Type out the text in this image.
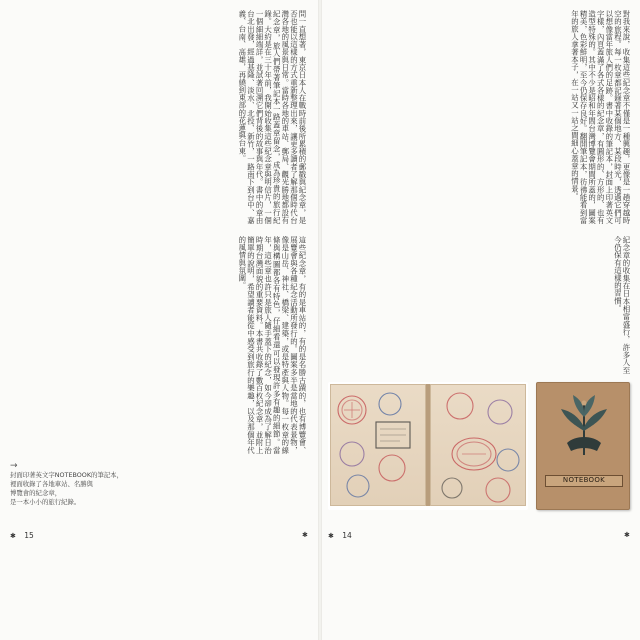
問一直想著，東京日本人在戰時前後所累積的郵戳與紀念章，是否也能以這樣的方式重新整理出來，讓更多讀者了解那個時代台灣各地的風景與日常。當時各地的車站、郵局、觀光勝地都設有紀念章，旅人們帶著筆記本一路蓋章留念，成為珍貴的旅行紀錄。大約是在三十年前，我開始收集這些紀念章與明信片，一個一個細細端詳，並試著回溯它們背後的故事與年代。書中的章由台北出發，經過基隆、淡水、北投、新竹，一路南下到台中、嘉義、台南、高雄，再繞到東部的花蓮與台東。
這些紀念章，有的是車站的，有的是名勝古蹟的，也有博覽會、展覽會與各種紀念活動所發行的。圖案多半是當地的代表景物，像是山岳、神社、橋梁、建築，或是特產與人物。每一枚章的線條與構圖都各有特色，仔細看還可以發現許多有趣的細節。當年，這些章也許只是旅人隨手蓋下的紀念，如今卻成為了解日治時期台灣面貌的重要資料。本書共收錄了數百枚紀念章，並附上簡單的說明，希望讀者能從中感受到旅行的樂趣，以及那個年代的風情與氛圍。
→
封面印著英文字NOTEBOOK的筆記本，
裡面收錄了各地車站、名勝與
博覽會的紀念章，
是一本小小的旅行紀錄。
✱ 15	✱
對我來說，收集這些紀念章不僅是一種興趣，更像是一趟穿越時空的旅程。每一枚章都記錄著某個地方、某段時光，透過它們可以想像當年旅人們的足跡。書中收錄的筆記本，封面上印著英文字樣，內頁蓋滿了各式各樣的紀念章，有圓形的、方形的、也有造型特殊的。其中不少是昭和年間台灣博覽會期間所蓋的，圖案精美，色彩鮮明，至今仍保存良好。翻開筆記本，彷彿能看到當年的旅人拿著本子，在一站又一站之間細心蓋章的情景。
紀念章的收集在日本相當盛行，許多人至今仍保有這樣的習慣。
NOTEBOOK
✱ 14	✱
